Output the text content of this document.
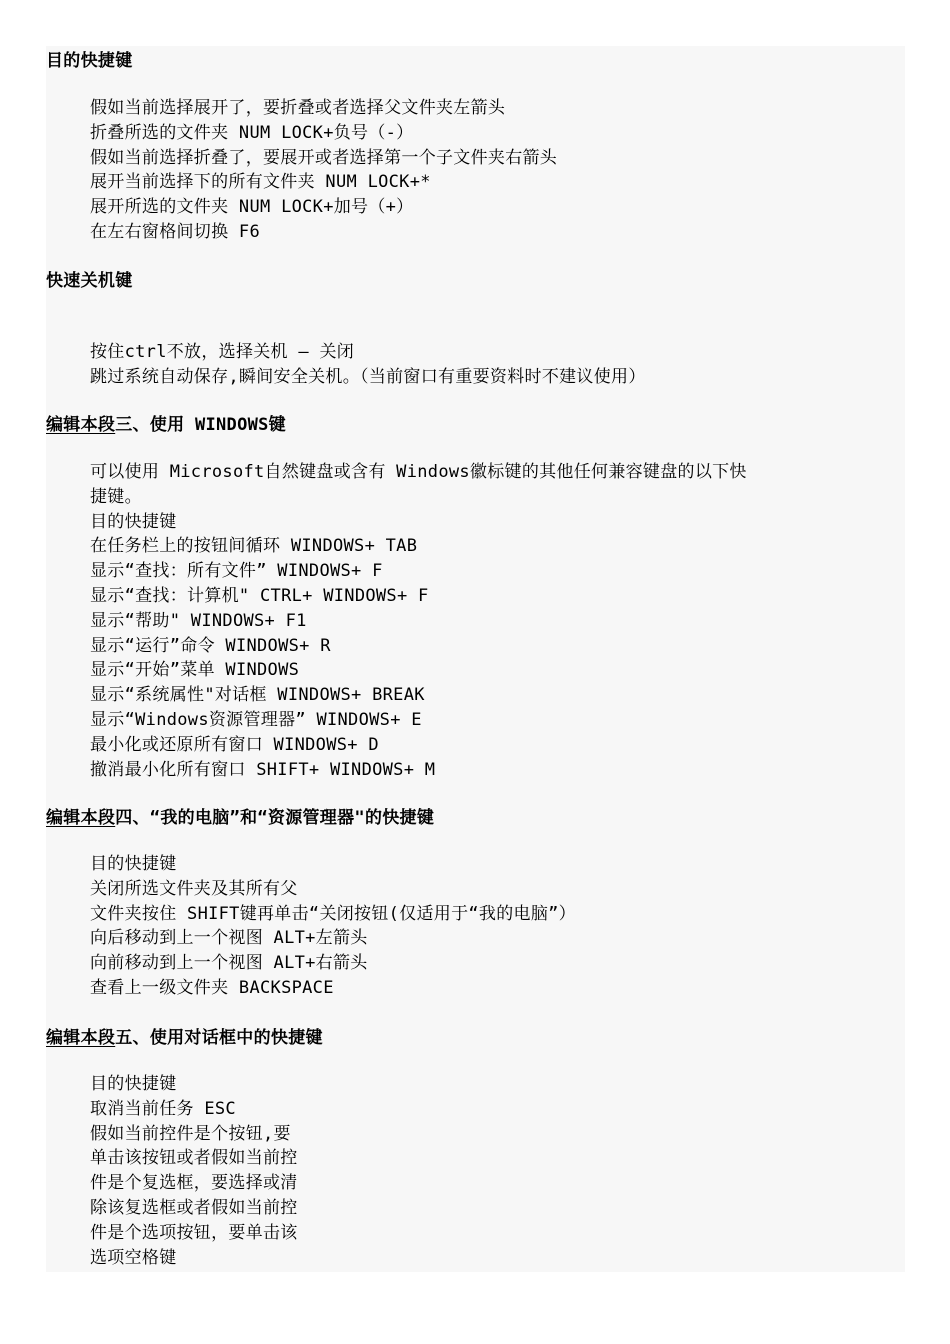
目的快捷键
假如当前选择展开了，要折叠或者选择父文件夹左箭头
折叠所选的文件夹 NUM LOCK+负号（-）
假如当前选择折叠了，要展开或者选择第一个子文件夹右箭头
展开当前选择下的所有文件夹 NUM LOCK+*
展开所选的文件夹 NUM LOCK+加号（+）
在左右窗格间切换 F6
快速关机键
按住ctrl不放，选择关机 — 关闭
跳过系统自动保存,瞬间安全关机。（当前窗口有重要资料时不建议使用）
编辑本段三、使用 WINDOWS键
可以使用 Microsoft自然键盘或含有 Windows徽标键的其他任何兼容键盘的以下快
捷键。
目的快捷键
在任务栏上的按钮间循环 WINDOWS+ TAB
显示“查找：所有文件” WINDOWS+ F
显示“查找：计算机" CTRL+ WINDOWS+ F
显示“帮助" WINDOWS+ F1
显示“运行”命令 WINDOWS+ R
显示“开始”菜单 WINDOWS
显示“系统属性"对话框 WINDOWS+ BREAK
显示“Windows资源管理器” WINDOWS+ E
最小化或还原所有窗口 WINDOWS+ D
撤消最小化所有窗口 SHIFT+ WINDOWS+ M
编辑本段四、“我的电脑”和“资源管理器"的快捷键
目的快捷键
关闭所选文件夹及其所有父
文件夹按住 SHIFT键再单击“关闭按钮(仅适用于“我的电脑”）
向后移动到上一个视图 ALT+左箭头
向前移动到上一个视图 ALT+右箭头
查看上一级文件夹 BACKSPACE
编辑本段五、使用对话框中的快捷键
目的快捷键
取消当前任务 ESC
假如当前控件是个按钮,要
单击该按钮或者假如当前控
件是个复选框，要选择或清
除该复选框或者假如当前控
件是个选项按钮，要单击该
选项空格键
